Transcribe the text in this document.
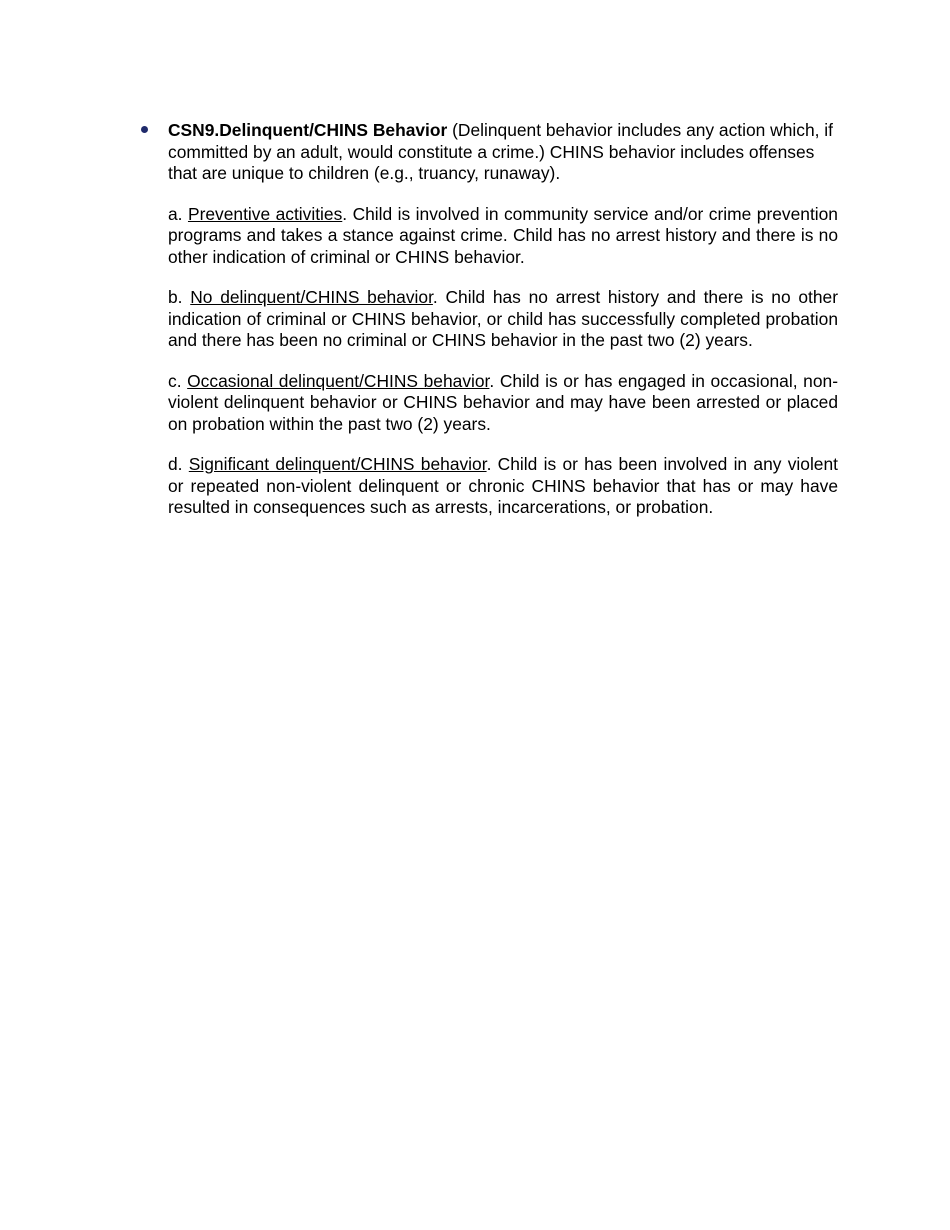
CSN9.Delinquent/CHINS Behavior (Delinquent behavior includes any action which, if committed by an adult, would constitute a crime.) CHINS behavior includes offenses that are unique to children (e.g., truancy, runaway).

a. Preventive activities. Child is involved in community service and/or crime prevention programs and takes a stance against crime. Child has no arrest history and there is no other indication of criminal or CHINS behavior.

b. No delinquent/CHINS behavior. Child has no arrest history and there is no other indication of criminal or CHINS behavior, or child has successfully completed probation and there has been no criminal or CHINS behavior in the past two (2) years.

c. Occasional delinquent/CHINS behavior. Child is or has engaged in occasional, non-violent delinquent behavior or CHINS behavior and may have been arrested or placed on probation within the past two (2) years.

d. Significant delinquent/CHINS behavior. Child is or has been involved in any violent or repeated non-violent delinquent or chronic CHINS behavior that has or may have resulted in consequences such as arrests, incarcerations, or probation.
